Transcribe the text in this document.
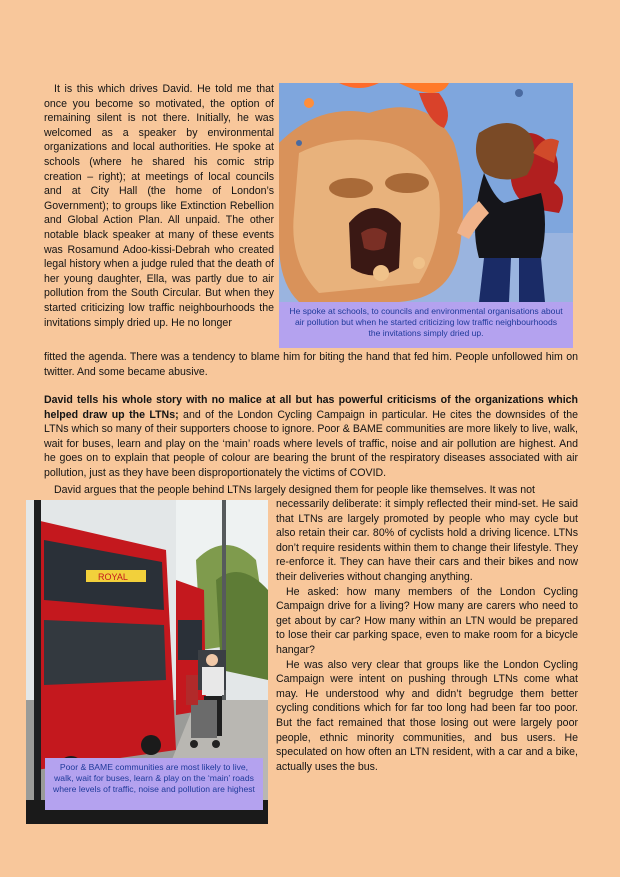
It is this which drives David. He told me that once you become so motivated, the option of remaining silent is not there. Initially, he was welcomed as a speaker by environmental organizations and local authorities. He spoke at schools (where he shared his comic strip creation – right); at meetings of local councils and at City Hall (the home of London’s Government); to groups like Extinction Rebellion and Global Action Plan. All unpaid. The other notable black speaker at many of these events was Rosamund Adoo-kissi-Debrah who created legal history when a judge ruled that the death of her young daughter, Ella, was partly due to air pollution from the South Circular. But when they started criticizing low traffic neighbourhoods the invitations simply dried up. He no longer

He spoke at schools, to councils and environmental organisations about air pollution but when he started criticizing low traffic neighbourhoods the invitations simply dried up.

fitted the agenda. There was a tendency to blame him for biting the hand that fed him. People unfollowed him on twitter. And some became abusive.

David tells his whole story with no malice at all but has powerful criticisms of the organizations which helped draw up the LTNs; and of the London Cycling Campaign in particular. He cites the downsides of the LTNs which so many of their supporters choose to ignore. Poor & BAME communities are more likely to live, walk, wait for buses, learn and play on the ‘main’ roads where levels of traffic, noise and air pollution are highest. And he goes on to explain that people of colour are bearing the brunt of the respiratory diseases associated with air pollution, just as they have been disproportionately the victims of COVID.

David argues that the people behind LTNs largely designed them for people like themselves. It was not

ROYAL
Poor & BAME communities are most likely to live, walk, wait for buses, learn & play on the ‘main’ roads where levels of traffic, noise and pollution are highest

necessarily deliberate: it simply reflected their mind-set. He said that LTNs are largely promoted by people who may cycle but also retain their car. 80% of cyclists hold a driving licence. LTNs don’t require residents within them to change their lifestyle. They re-enforce it. They can have their cars and their bikes and now their deliveries without changing anything.

He asked: how many members of the London Cycling Campaign drive for a living? How many are carers who need to get about by car? How many within an LTN would be prepared to lose their car parking space, even to make room for a bicycle hangar?

He was also very clear that groups like the London Cycling Campaign were intent on pushing through LTNs come what may. He understood why and didn’t begrudge them better cycling conditions which for far too long had been far too poor. But the fact remained that those losing out were largely poor people, ethnic minority communities, and bus users. He speculated on how often an LTN resident, with a car and a bike, actually uses the bus.
